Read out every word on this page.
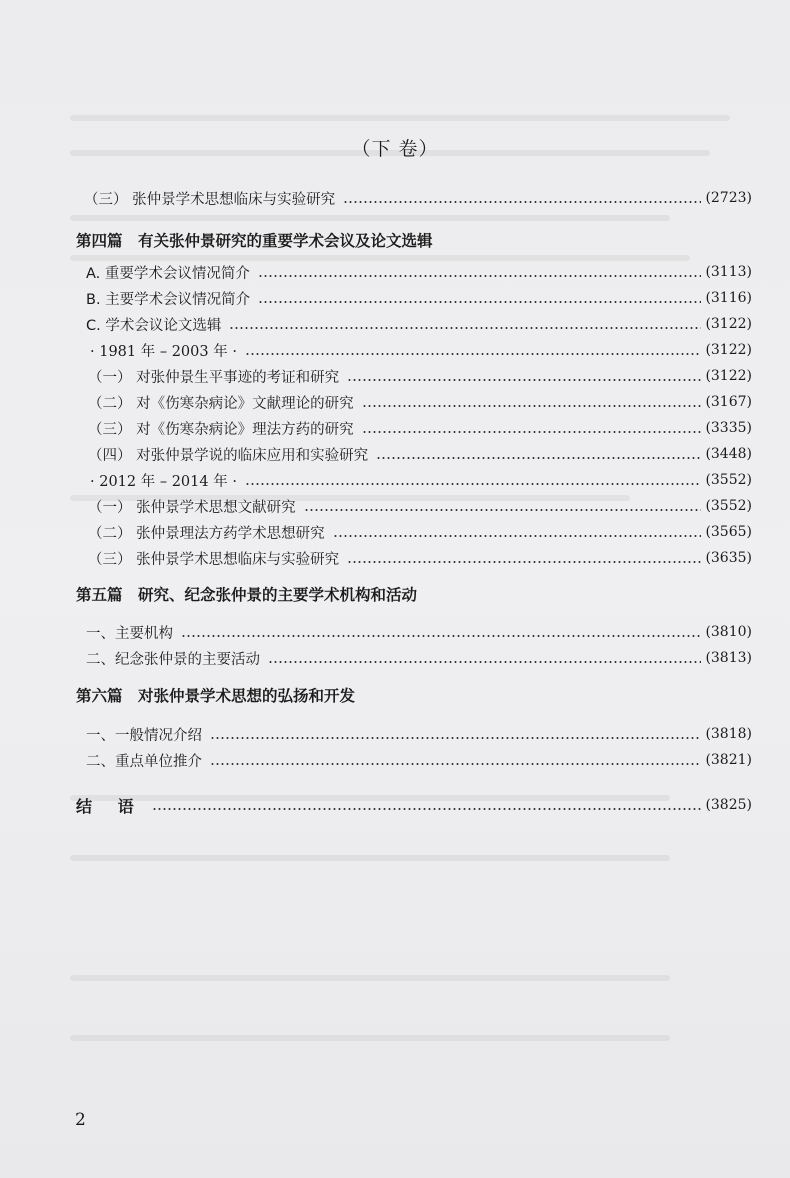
（下 卷）
（三） 张仲景学术思想临床与实验研究	(2723)
第四篇　有关张仲景研究的重要学术会议及论文选辑
A. 重要学术会议情况简介	(3113)
B. 主要学术会议情况简介	(3116)
C. 学术会议论文选辑	(3122)
· 1981 年 – 2003 年 ·	(3122)
（一） 对张仲景生平事迹的考证和研究	(3122)
（二） 对《伤寒杂病论》文献理论的研究	(3167)
（三） 对《伤寒杂病论》理法方药的研究	(3335)
（四） 对张仲景学说的临床应用和实验研究	(3448)
· 2012 年 – 2014 年 ·	(3552)
（一） 张仲景学术思想文献研究	(3552)
（二） 张仲景理法方药学术思想研究	(3565)
（三） 张仲景学术思想临床与实验研究	(3635)
第五篇　研究、纪念张仲景的主要学术机构和活动
一、主要机构	(3810)
二、纪念张仲景的主要活动	(3813)
第六篇　对张仲景学术思想的弘扬和开发
一、一般情况介绍	(3818)
二、重点单位推介	(3821)
结 语	(3825)
2
